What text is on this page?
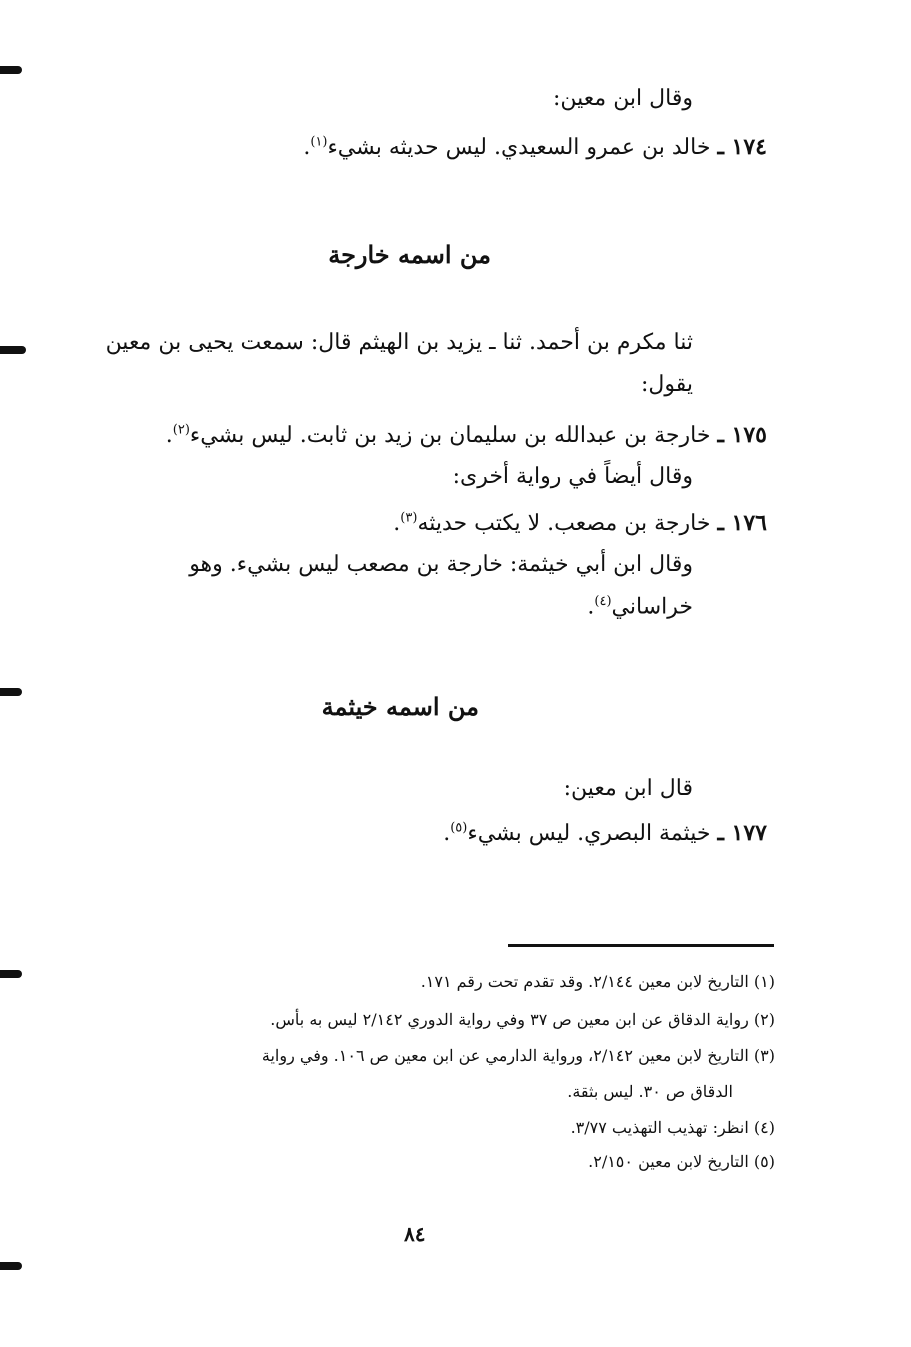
وقال ابن معين:
١٧٤ ـ خالد بن عمرو السعيدي. ليس حديثه بشيء$^{(١)}$.
من اسمه خارجة
ثنا مكرم بن أحمد. ثنا ـ يزيد بن الهيثم قال: سمعت يحيى بن معين
يقول:
١٧٥ ـ خارجة بن عبدالله بن سليمان بن زيد بن ثابت. ليس بشيء$^{(٢)}$.
وقال أيضاً في رواية أخرى:
١٧٦ ـ خارجة بن مصعب. لا يكتب حديثه$^{(٣)}$.
وقال ابن أبي خيثمة: خارجة بن مصعب ليس بشيء. وهو
خراساني$^{(٤)}$.
من اسمه خيثمة
قال ابن معين:
١٧٧ ـ خيثمة البصري. ليس بشيء$^{(٥)}$.
(١) التاريخ لابن معين ٢/١٤٤. وقد تقدم تحت رقم ١٧١.
(٢) رواية الدقاق عن ابن معين ص ٣٧ وفي رواية الدوري ٢/١٤٢ ليس به بأس.
(٣) التاريخ لابن معين ٢/١٤٢، ورواية الدارمي عن ابن معين ص ١٠٦. وفي رواية
الدقاق ص ٣٠. ليس بثقة.
(٤) انظر: تهذيب التهذيب ٣/٧٧.
(٥) التاريخ لابن معين ٢/١٥٠.
٨٤
